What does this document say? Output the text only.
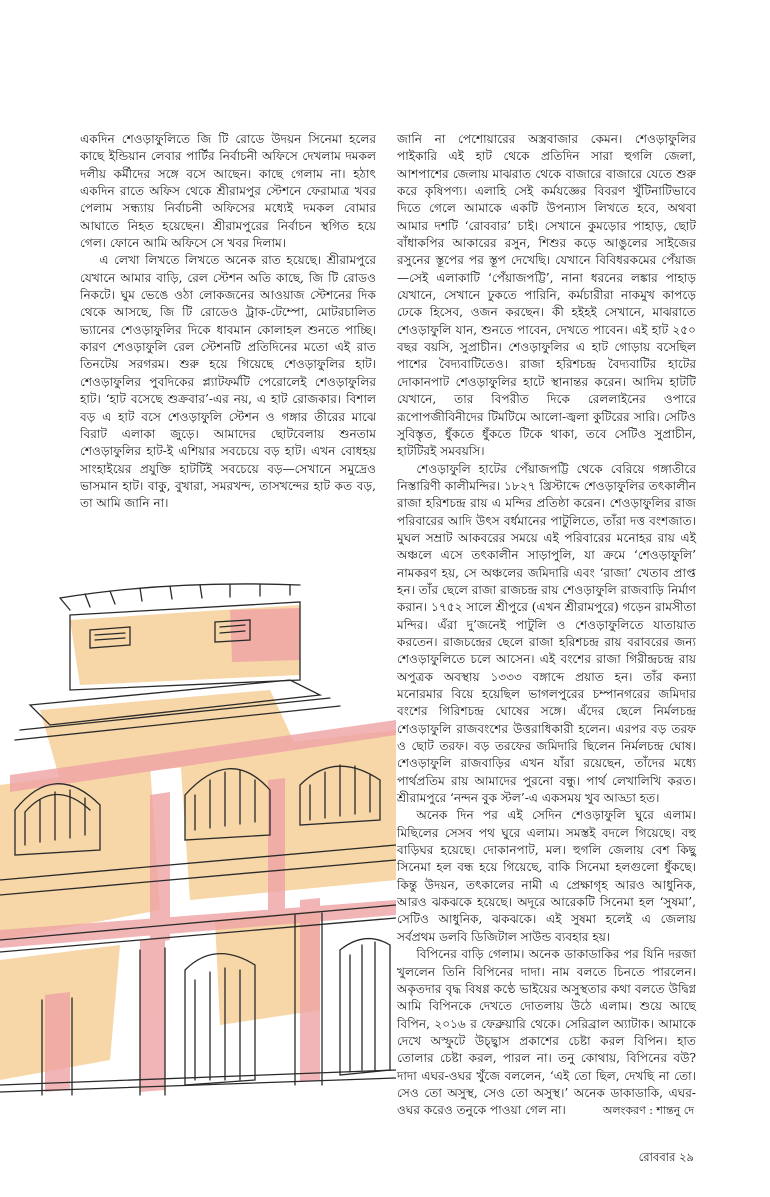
একদিন শেওড়াফুলিতে জি টি রোডে উদয়ন সিনেমা হলের কাছে ইন্ডিয়ান লেবার পার্টির নির্বাচনী অফিসে দেখলাম দমকল দলীয় কর্মীদের সঙ্গে বসে আছেন। কাছে গেলাম না। হঠাৎ একদিন রাতে অফিস থেকে শ্রীরামপুর স্টেশনে ফেরামাত্র খবর পেলাম সন্ধ্যায় নির্বাচনী অফিসের মধ্যেই দমকল বোমার আঘাতে নিহত হয়েছেন। শ্রীরামপুরের নির্বাচন স্থগিত হয়ে গেল। ফোনে আমি অফিসে সে খবর দিলাম।

এ লেখা লিখতে লিখতে অনেক রাত হয়েছে। শ্রীরামপুরে যেখানে আমার বাড়ি, রেল স্টেশন অতি কাছে, জি টি রোডও নিকটে। ঘুম ভেঙে ওঠা লোকজনের আওয়াজ স্টেশনের দিক থেকে আসছে, জি টি রোডেও ট্রাক-টেম্পো, মোটরচালিত ভ্যানের শেওড়াফুলির দিকে ধাবমান কোলাহল শুনতে পাচ্ছি। কারণ শেওড়াফুলি রেল স্টেশনটি প্রতিদিনের মতো এই রাত তিনটেয় সরগরম। শুরু হয়ে গিয়েছে শেওড়াফুলির হাট। শেওড়াফুলির পুবদিকের প্ল্যাটফর্মটি পেরোলেই শেওড়াফুলির হাট। ‘হাট বসেছে শুক্রবার’-এর নয়, এ হাট রোজকার। বিশাল বড় এ হাট বসে শেওড়াফুলি স্টেশন ও গঙ্গার তীরের মাঝে বিরাট এলাকা জুড়ে। আমাদের ছোটবেলায় শুনতাম শেওড়াফুলির হাট-ই এশিয়ার সবচেয়ে বড় হাট। এখন বোধহয় সাংহাইয়ের প্রযুক্তি হাটটিই সবচেয়ে বড়—সেখানে সমুদ্রেও ভাসমান হাট। বাকু, বুখারা, সমরখন্দ, তাসখন্দের হাট কত বড়, তা আমি জানি না।

জানি না পেশোয়ারের অস্ত্রবাজার কেমন। শেওড়াফুলির পাইকারি এই হাট থেকে প্রতিদিন সারা হুগলি জেলা, আশপাশের জেলায় মাঝরাত থেকে বাজারে বাজারে যেতে শুরু করে কৃষিপণ্য। এলাহি সেই কর্মযজ্ঞের বিবরণ খুঁটিনাটিভাবে দিতে গেলে আমাকে একটি উপন্যাস লিখতে হবে, অথবা আমার দশটি ‘রোববার’ চাই। সেখানে কুমড়োর পাহাড়, ছোট বাঁধাকপির আকারের রসুন, শিশুর কড়ে আঙুলের সাইজের রসুনের স্তূপের পর স্তূপ দেখেছি। যেখানে বিবিধরকমের পেঁয়াজ—সেই এলাকাটি ‘পেঁয়াজপট্টি’, নানা ধরনের লঙ্কার পাহাড় যেখানে, সেখানে ঢুকতে পারিনি, কর্মচারীরা নাকমুখ কাপড়ে ঢেকে হিসেব, ওজন করছেন। কী হইহই সেখানে, মাঝরাতে শেওড়াফুলি যান, শুনতে পাবেন, দেখতে পাবেন। এই হাট ২৫০ বছর বয়সি, সুপ্রাচীন। শেওড়াফুলির এ হাট গোড়ায় বসেছিল পাশের বৈদ্যবাটিতেও। রাজা হরিশচন্দ্র বৈদ্যবাটির হাটের দোকানপাট শেওড়াফুলির হাটে স্থানান্তর করেন। আদিম হাটটি যেখানে, তার বিপরীত দিকে রেললাইনের ওপারে রূপোপজীবিনীদের টিমটিমে আলো-জ্বলা কুটিরের সারি। সেটিও সুবিস্তৃত, ধুঁকতে ধুঁকতে টিকে থাকা, তবে সেটিও সুপ্রাচীন, হাটটিরই সমবয়সি।

শেওড়াফুলি হাটের পেঁয়াজপট্টি থেকে বেরিয়ে গঙ্গাতীরে নিস্তারিণী কালীমন্দির। ১৮২৭ খ্রিস্টাব্দে শেওড়াফুলির তৎকালীন রাজা হরিশচন্দ্র রায় এ মন্দির প্রতিষ্ঠা করেন। শেওড়াফুলির রাজ পরিবারের আদি উৎস বর্ধমানের পাটুলিতে, তাঁরা দত্ত বংশজাত। মুঘল সম্রাট আকবরের সময়ে এই পরিবারের মনোহর রায় এই অঞ্চলে এসে তৎকালীন সাড়াপুলি, যা ক্রমে ‘শেওড়াফুলি’ নামকরণ হয়, সে অঞ্চলের জমিদারি এবং ‘রাজা’ খেতাব প্রাপ্ত হন। তাঁর ছেলে রাজা রাজচন্দ্র রায় শেওড়াফুলি রাজবাড়ি নির্মাণ করান। ১৭৫২ সালে শ্রীপুরে (এখন শ্রীরামপুরে) গড়েন রামসীতা মন্দির। এঁরা দু’জনেই পাটুলি ও শেওড়াফুলিতে যাতায়াত করতেন। রাজচন্দ্রের ছেলে রাজা হরিশচন্দ্র রায় বরাবরের জন্য শেওড়াফুলিতে চলে আসেন। এই বংশের রাজা গিরীন্দ্রচন্দ্র রায় অপুত্রক অবস্থায় ১৩৩৩ বঙ্গাব্দে প্রয়াত হন। তাঁর কন্যা মনোরমার বিয়ে হয়েছিল ভাগলপুরের চম্পানগরের জমিদার বংশের গিরিশচন্দ্র ঘোষের সঙ্গে। এঁদের ছেলে নির্মলচন্দ্র শেওড়াফুলি রাজবংশের উত্তরাধিকারী হলেন। এরপর বড় তরফ ও ছোট তরফ। বড় তরফের জমিদারি ছিলেন নির্মলচন্দ্র ঘোষ। শেওড়াফুলি রাজবাড়ির এখন যাঁরা রয়েছেন, তাঁদের মধ্যে পার্থপ্রতিম রায় আমাদের পুরনো বন্ধু। পার্থ লেখালিখি করত। শ্রীরামপুরে ‘নন্দন বুক স্টল’-এ একসময় খুব আড্ডা হত।

অনেক দিন পর এই সেদিন শেওড়াফুলি ঘুরে এলাম। মিছিলের সেসব পথ ঘুরে এলাম। সমস্তই বদলে গিয়েছে। বহু বাড়িঘর হয়েছে। দোকানপাট, মল। হুগলি জেলায় বেশ কিছু সিনেমা হল বন্ধ হয়ে গিয়েছে, বাকি সিনেমা হলগুলো ধুঁকছে। কিন্তু উদয়ন, তৎকালের নামী এ প্রেক্ষাগৃহ আরও আধুনিক, আরও ঝকঝকে হয়েছে। অদূরে আরেকটি সিনেমা হল ‘সুষমা’, সেটিও আধুনিক, ঝকঝকে। এই সুষমা হলেই এ জেলায় সর্বপ্রথম ডলবি ডিজিটাল সাউন্ড ব্যবহার হয়।

বিপিনের বাড়ি গেলাম। অনেক ডাকাডাকির পর যিনি দরজা খুললেন তিনি বিপিনের দাদা। নাম বলতে চিনতে পারলেন। অকৃতদার বৃদ্ধ বিষণ্ণ কণ্ঠে ভাইয়ের অসুস্থতার কথা বলতে উদ্বিগ্ন আমি বিপিনকে দেখতে দোতলায় উঠে এলাম। শুয়ে আছে বিপিন, ২০১৬ র ফেব্রুয়ারি থেকে। সেরিব্রাল অ্যাটাক। আমাকে দেখে অস্ফুটে উচ্ছ্বাস প্রকাশের চেষ্টা করল বিপিন। হাত তোলার চেষ্টা করল, পারল না। তনু কোথায়, বিপিনের বউ? দাদা এঘর-ওঘর খুঁজে বললেন, ‘এই তো ছিল, দেখছি না তো। সেও তো অসুস্থ, সেও তো অসুস্থ।’ অনেক ডাকাডাকি, এঘর-ওঘর করেও তনুকে পাওয়া গেল না।	অলংকরণ : শান্তনু দে
রোববার ২৯
